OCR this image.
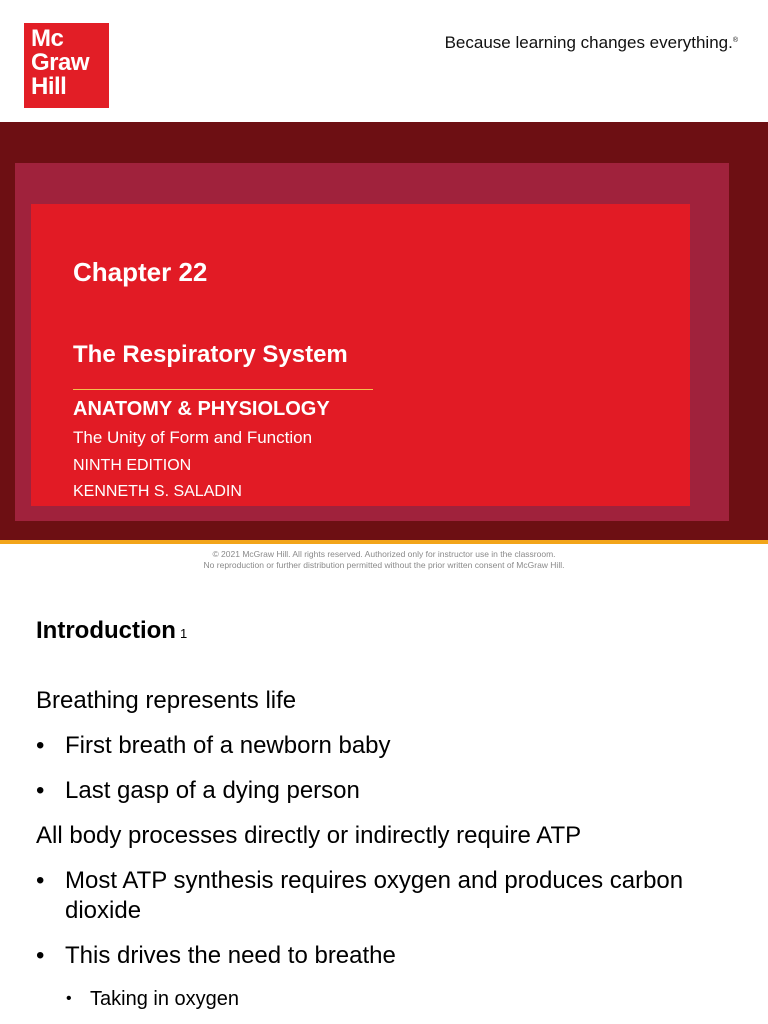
Mc
Graw
Hill
Because learning changes everything.®
Chapter 22
The Respiratory System
ANATOMY & PHYSIOLOGY
The Unity of Form and Function
NINTH EDITION
KENNETH S. SALADIN
© 2021 McGraw Hill. All rights reserved. Authorized only for instructor use in the classroom.
No reproduction or further distribution permitted without the prior written consent of McGraw Hill.
Introduction 1

Breathing represents life

• First breath of a newborn baby

• Last gasp of a dying person

All body processes directly or indirectly require ATP

• Most ATP synthesis requires oxygen and produces carbon dioxide

• This drives the need to breathe

• Taking in oxygen
